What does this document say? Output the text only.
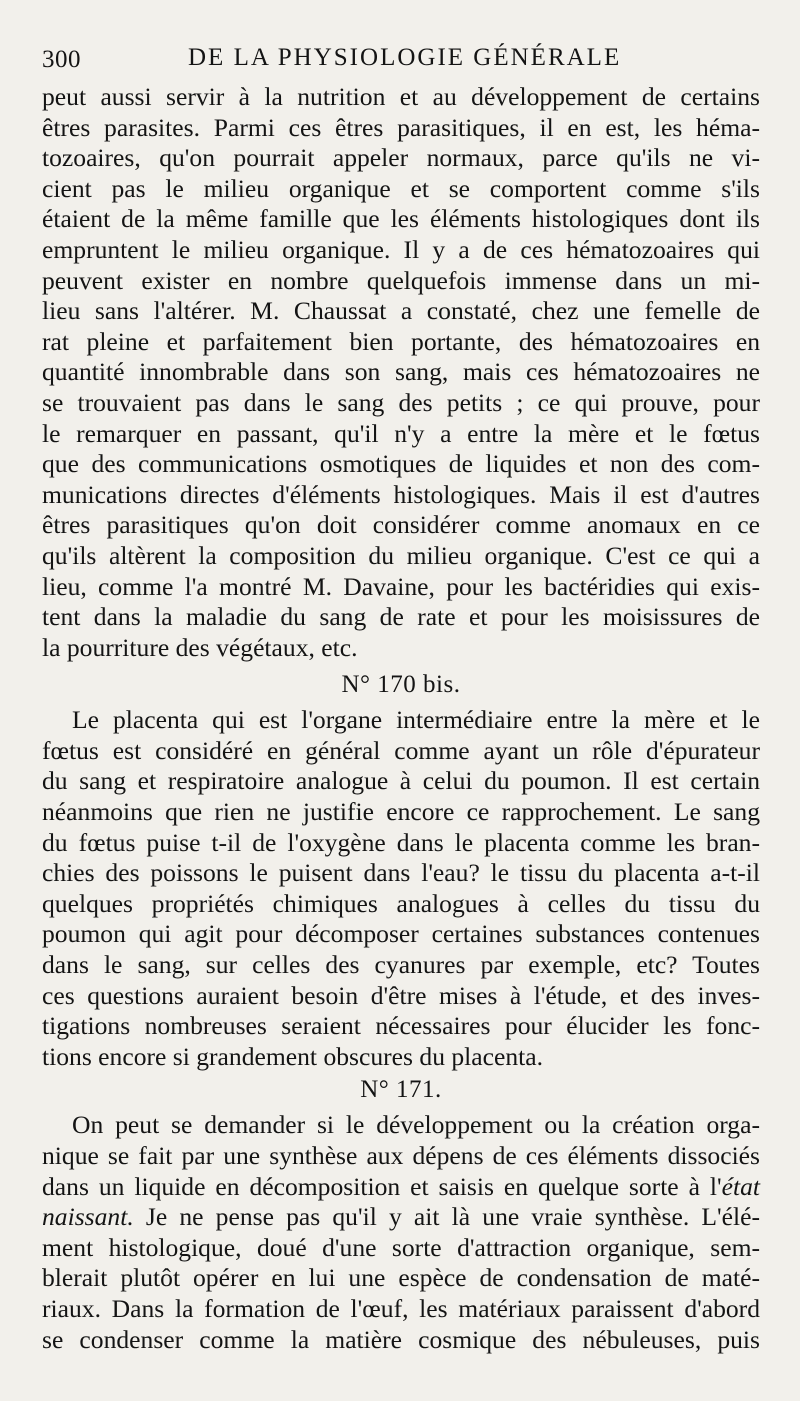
300	DE LA PHYSIOLOGIE GÉNÉRALE
peut aussi servir à la nutrition et au développement de certains
êtres parasites. Parmi ces êtres parasitiques, il en est, les héma-
tozoaires, qu'on pourrait appeler normaux, parce qu'ils ne vi-
cient pas le milieu organique et se comportent comme s'ils
étaient de la même famille que les éléments histologiques dont ils
empruntent le milieu organique. Il y a de ces hématozoaires qui
peuvent exister en nombre quelquefois immense dans un mi-
lieu sans l'altérer. M. Chaussat a constaté, chez une femelle de
rat pleine et parfaitement bien portante, des hématozoaires en
quantité innombrable dans son sang, mais ces hématozoaires ne
se trouvaient pas dans le sang des petits ; ce qui prouve, pour
le remarquer en passant, qu'il n'y a entre la mère et le fœtus
que des communications osmotiques de liquides et non des com-
munications directes d'éléments histologiques. Mais il est d'autres
êtres parasitiques qu'on doit considérer comme anomaux en ce
qu'ils altèrent la composition du milieu organique. C'est ce qui a
lieu, comme l'a montré M. Davaine, pour les bactéridies qui exis-
tent dans la maladie du sang de rate et pour les moisissures de
la pourriture des végétaux, etc.
N° 170 bis.
Le placenta qui est l'organe intermédiaire entre la mère et le
fœtus est considéré en général comme ayant un rôle d'épurateur
du sang et respiratoire analogue à celui du poumon. Il est certain
néanmoins que rien ne justifie encore ce rapprochement. Le sang
du fœtus puise t-il de l'oxygène dans le placenta comme les bran-
chies des poissons le puisent dans l'eau? le tissu du placenta a-t-il
quelques propriétés chimiques analogues à celles du tissu du
poumon qui agit pour décomposer certaines substances contenues
dans le sang, sur celles des cyanures par exemple, etc? Toutes
ces questions auraient besoin d'être mises à l'étude, et des inves-
tigations nombreuses seraient nécessaires pour élucider les fonc-
tions encore si grandement obscures du placenta.
N° 171.
On peut se demander si le développement ou la création orga-
nique se fait par une synthèse aux dépens de ces éléments dissociés
dans un liquide en décomposition et saisis en quelque sorte à l'état
naissant. Je ne pense pas qu'il y ait là une vraie synthèse. L'élé-
ment histologique, doué d'une sorte d'attraction organique, sem-
blerait plutôt opérer en lui une espèce de condensation de maté-
riaux. Dans la formation de l'œuf, les matériaux paraissent d'abord
se condenser comme la matière cosmique des nébuleuses, puis
